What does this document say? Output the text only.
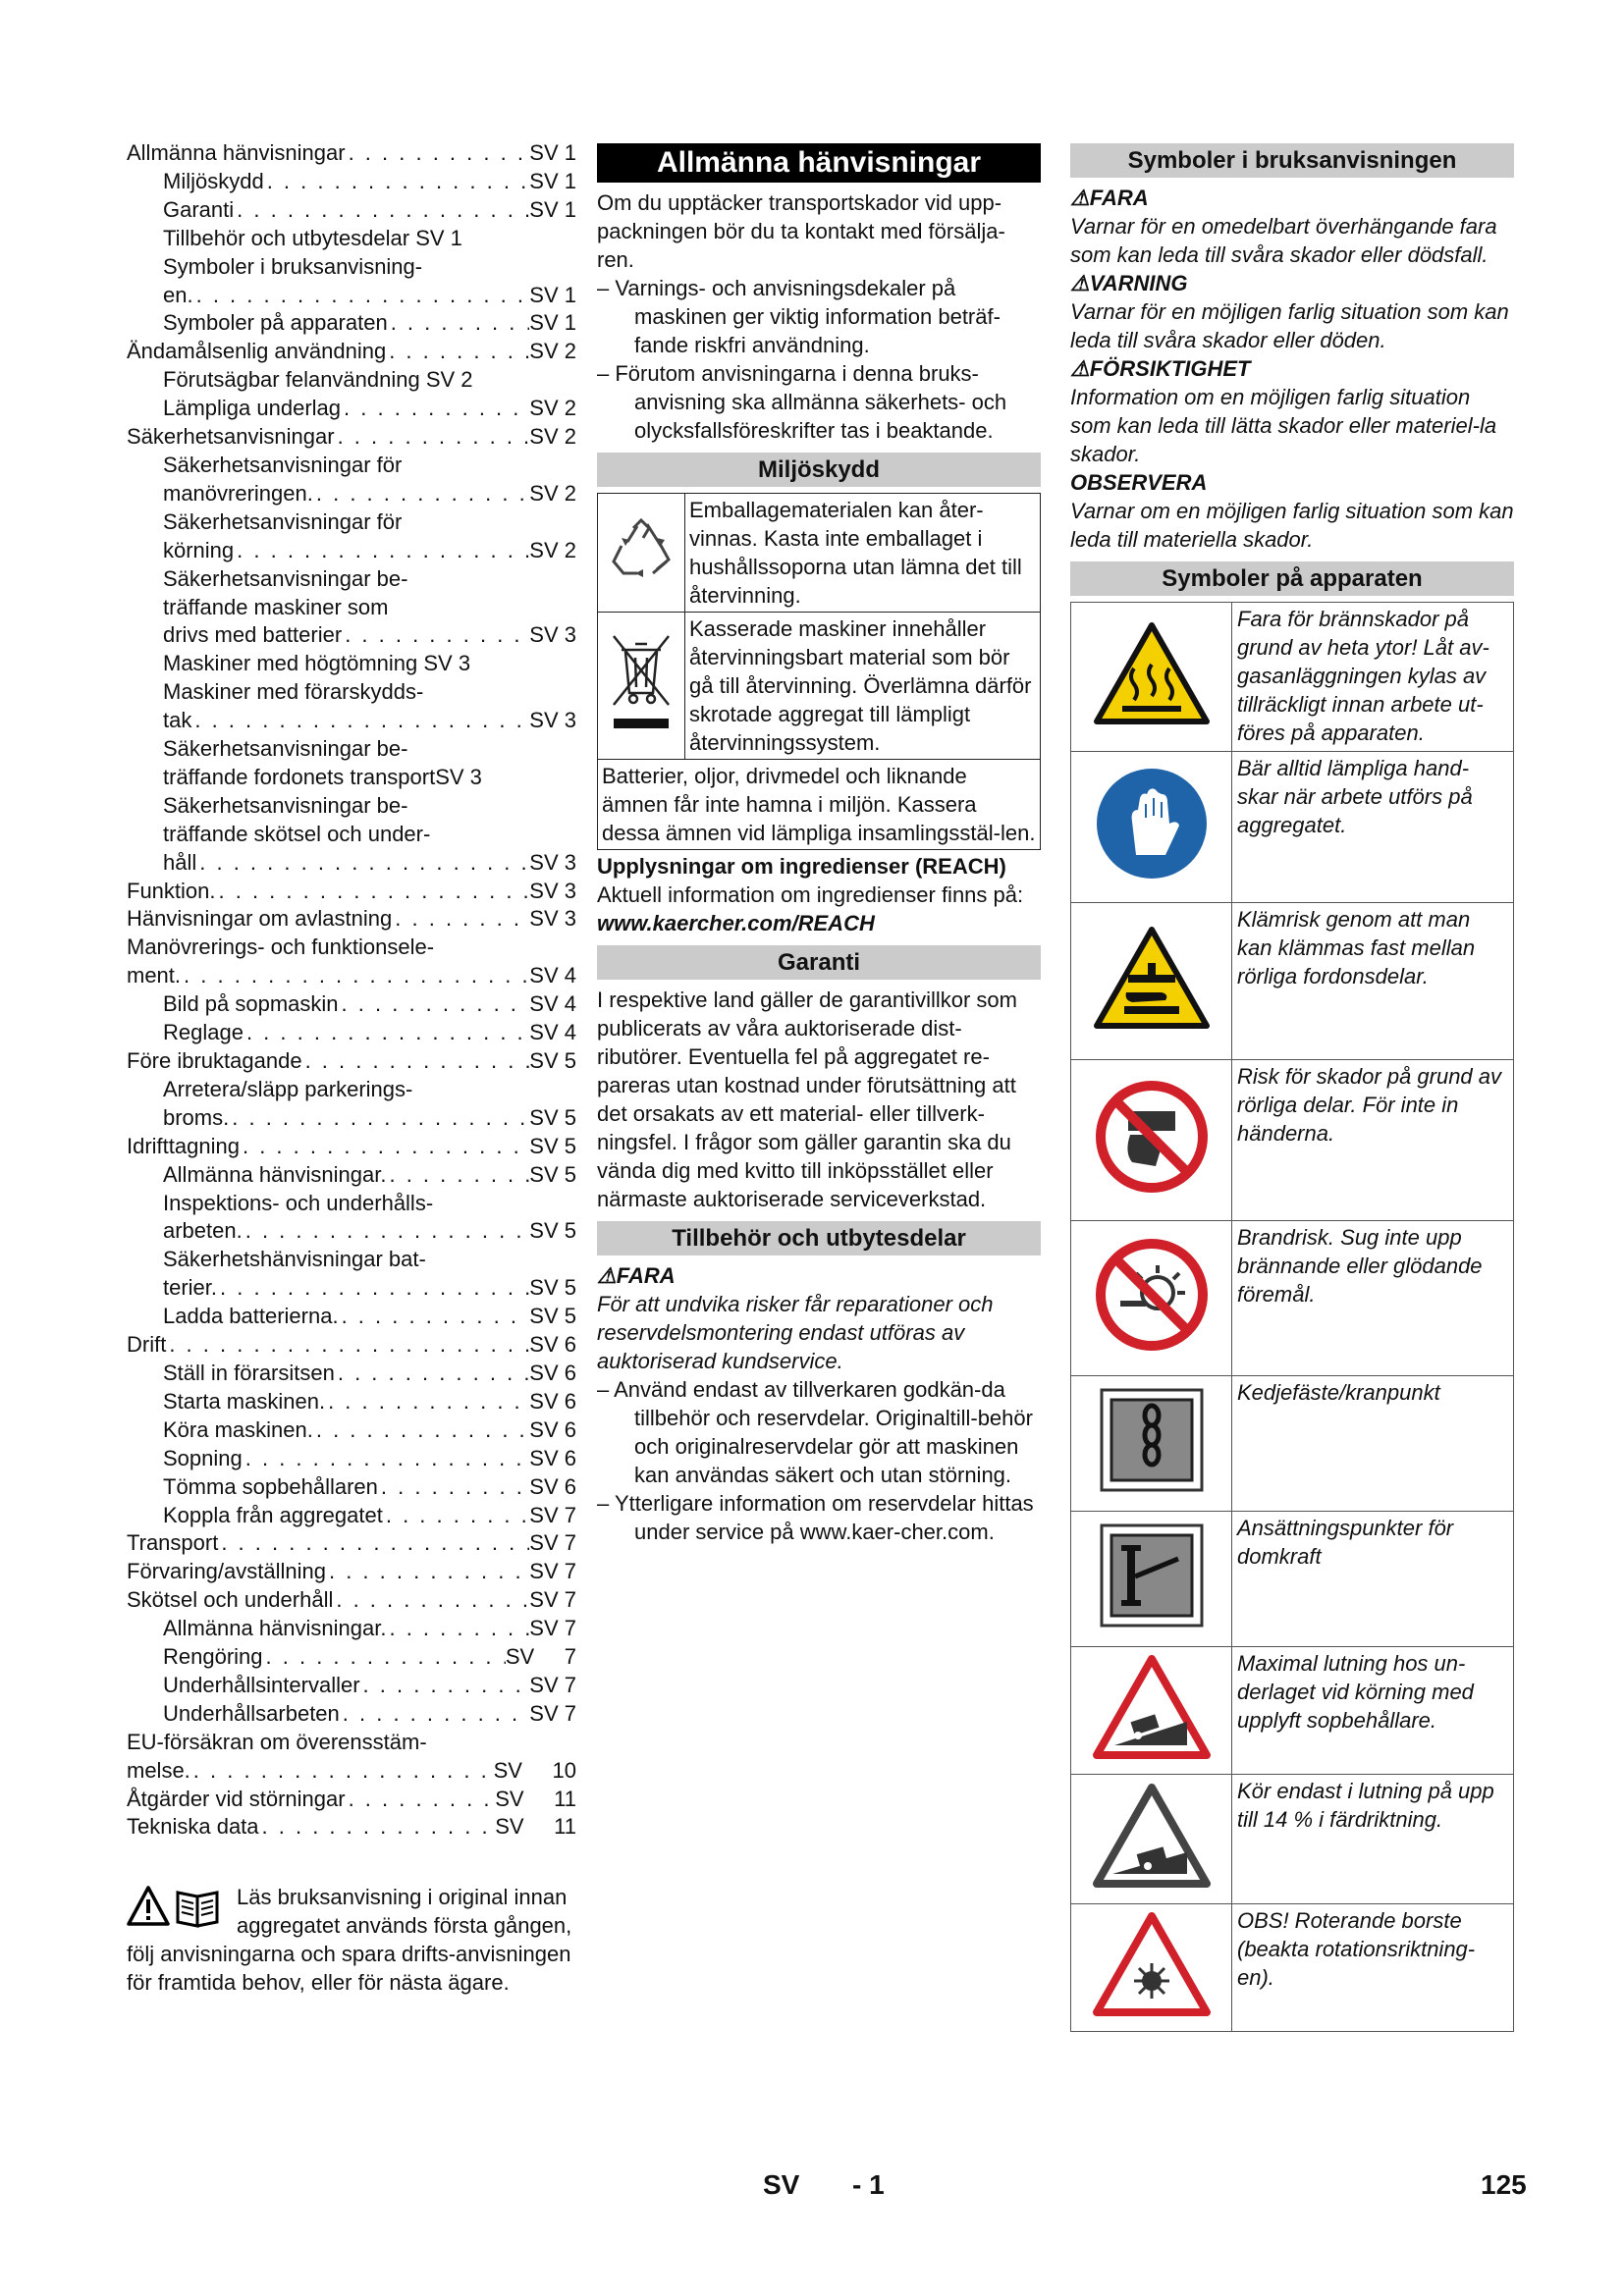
Allmänna hänvisningar . . .	SV 1
Miljöskydd . . .	SV 1
Garanti . . .	SV 1
Tillbehör och utbytesdelar SV 1
Symboler i bruksanvisning-
en. . . .	SV 1
Symboler på apparaten . . .	SV 1
Ändamålsenlig användning . . .	SV 2
Förutsägbar felanvändning SV 2
Lämpliga underlag . . .	SV 2
Säkerhetsanvisningar . . .	SV 2
Säkerhetsanvisningar för
manövreringen. . . .	SV 2
Säkerhetsanvisningar för
körning . . .	SV 2
Säkerhetsanvisningar be-
träffande maskiner som
drivs med batterier . . .	SV 3
Maskiner med högtömning SV 3
Maskiner med förarskydds-
tak . . .	SV 3
Säkerhetsanvisningar be-
träffande fordonets transportSV 3
Säkerhetsanvisningar be-
träffande skötsel och under-
håll . . .	SV 3
Funktion. . . .	SV 3
Hänvisningar om avlastning . . .	SV 3
Manövrerings- och funktionsele-
ment. . . .	SV 4
Bild på sopmaskin . . .	SV 4
Reglage . . .	SV 4
Före ibruktagande . . .	SV 5
Arretera/släpp parkerings-
broms. . . .	SV 5
Idrifttagning . . .	SV 5
Allmänna hänvisningar. . . .	SV 5
Inspektions- och underhålls-
arbeten. . . .	SV 5
Säkerhetshänvisningar bat-
terier. . . .	SV 5
Ladda batterierna. . . .	SV 5
Drift . . .	SV 6
Ställ in förarsitsen . . .	SV 6
Starta maskinen. . . .	SV 6
Köra maskinen. . . .	SV 6
Sopning . . .	SV 6
Tömma sopbehållaren . . .	SV 6
Koppla från aggregatet . . .	SV 7
Transport . . .	SV 7
Förvaring/avställning . . .	SV 7
Skötsel och underhåll . . .	SV 7
Allmänna hänvisningar. . . .	SV 7
Rengöring . . .	SV     7
Underhållsintervaller . . .	SV 7
Underhållsarbeten . . .	SV 7
EU-försäkran om överensstäm-
melse. . . .	SV     10
Åtgärder vid störningar . . .	SV     11
Tekniska data . . .	SV     11
Läs bruksanvisning i original innan aggregatet används första gången, följ anvisningarna och spara drifts-anvisningen för framtida behov, eller för nästa ägare.
Allmänna hänvisningar

Om du upptäcker transportskador vid upp-packningen bör du ta kontakt med försälja-ren.

– Varnings- och anvisningsdekaler på maskinen ger viktig information beträf-fande riskfri användning.

– Förutom anvisningarna i denna bruks-anvisning ska allmänna säkerhets- och olycksfallsföreskrifter tas i beaktande.

Miljöskydd
	Emballagematerialen kan åter-vinnas. Kasta inte emballaget i hushållssoporna utan lämna det till återvinning.
	Kasserade maskiner innehåller återvinningsbart material som bör gå till återvinning. Överlämna därför skrotade aggregat till lämpligt återvinningssystem.
Batterier, oljor, drivmedel och liknande ämnen får inte hamna i miljön. Kassera dessa ämnen vid lämpliga insamlingsstäl-len.	

Upplysningar om ingredienser (REACH)

Aktuell information om ingredienser finns på:

www.kaercher.com/REACH

Garanti

I respektive land gäller de garantivillkor som publicerats av våra auktoriserade dist-ributörer. Eventuella fel på aggregatet re-pareras utan kostnad under förutsättning att det orsakats av ett material- eller tillverk-ningsfel. I frågor som gäller garantin ska du vända dig med kvitto till inköpsstället eller närmaste auktoriserade serviceverkstad.

Tillbehör och utbytesdelar

⚠FARA

För att undvika risker får reparationer och reservdelsmontering endast utföras av auktoriserad kundservice.

– Använd endast av tillverkaren godkän-da tillbehör och reservdelar. Originaltill-behör och originalreservdelar gör att maskinen kan användas säkert och utan störning.

– Ytterligare information om reservdelar hittas under service på www.kaer-cher.com.

Symboler i bruksanvisningen

⚠FARA

Varnar för en omedelbart överhängande fara som kan leda till svåra skador eller dödsfall.

⚠VARNING

Varnar för en möjligen farlig situation som kan leda till svåra skador eller döden.

⚠FÖRSIKTIGHET

Information om en möjligen farlig situation som kan leda till lätta skador eller materiel-la skador.

OBSERVERA

Varnar om en möjligen farlig situation som kan leda till materiella skador.

Symboler på apparaten
	Fara för brännskador på grund av heta ytor! Låt av-gasanläggningen kylas av tillräckligt innan arbete ut-föres på apparaten.
	Bär alltid lämpliga hand-skar när arbete utförs på aggregatet.
	Klämrisk genom att man kan klämmas fast mellan rörliga fordonsdelar.
	Risk för skador på grund av rörliga delar. För inte in händerna.
	Brandrisk. Sug inte upp brännande eller glödande föremål.
	Kedjefäste/kranpunkt
	Ansättningspunkter för domkraft
	Maximal lutning hos un-derlaget vid körning med upplyft sopbehållare.
	Kör endast i lutning på upp till 14 % i färdriktning.
	OBS! Roterande borste (beakta rotationsriktning-en).
SV - 1	125
